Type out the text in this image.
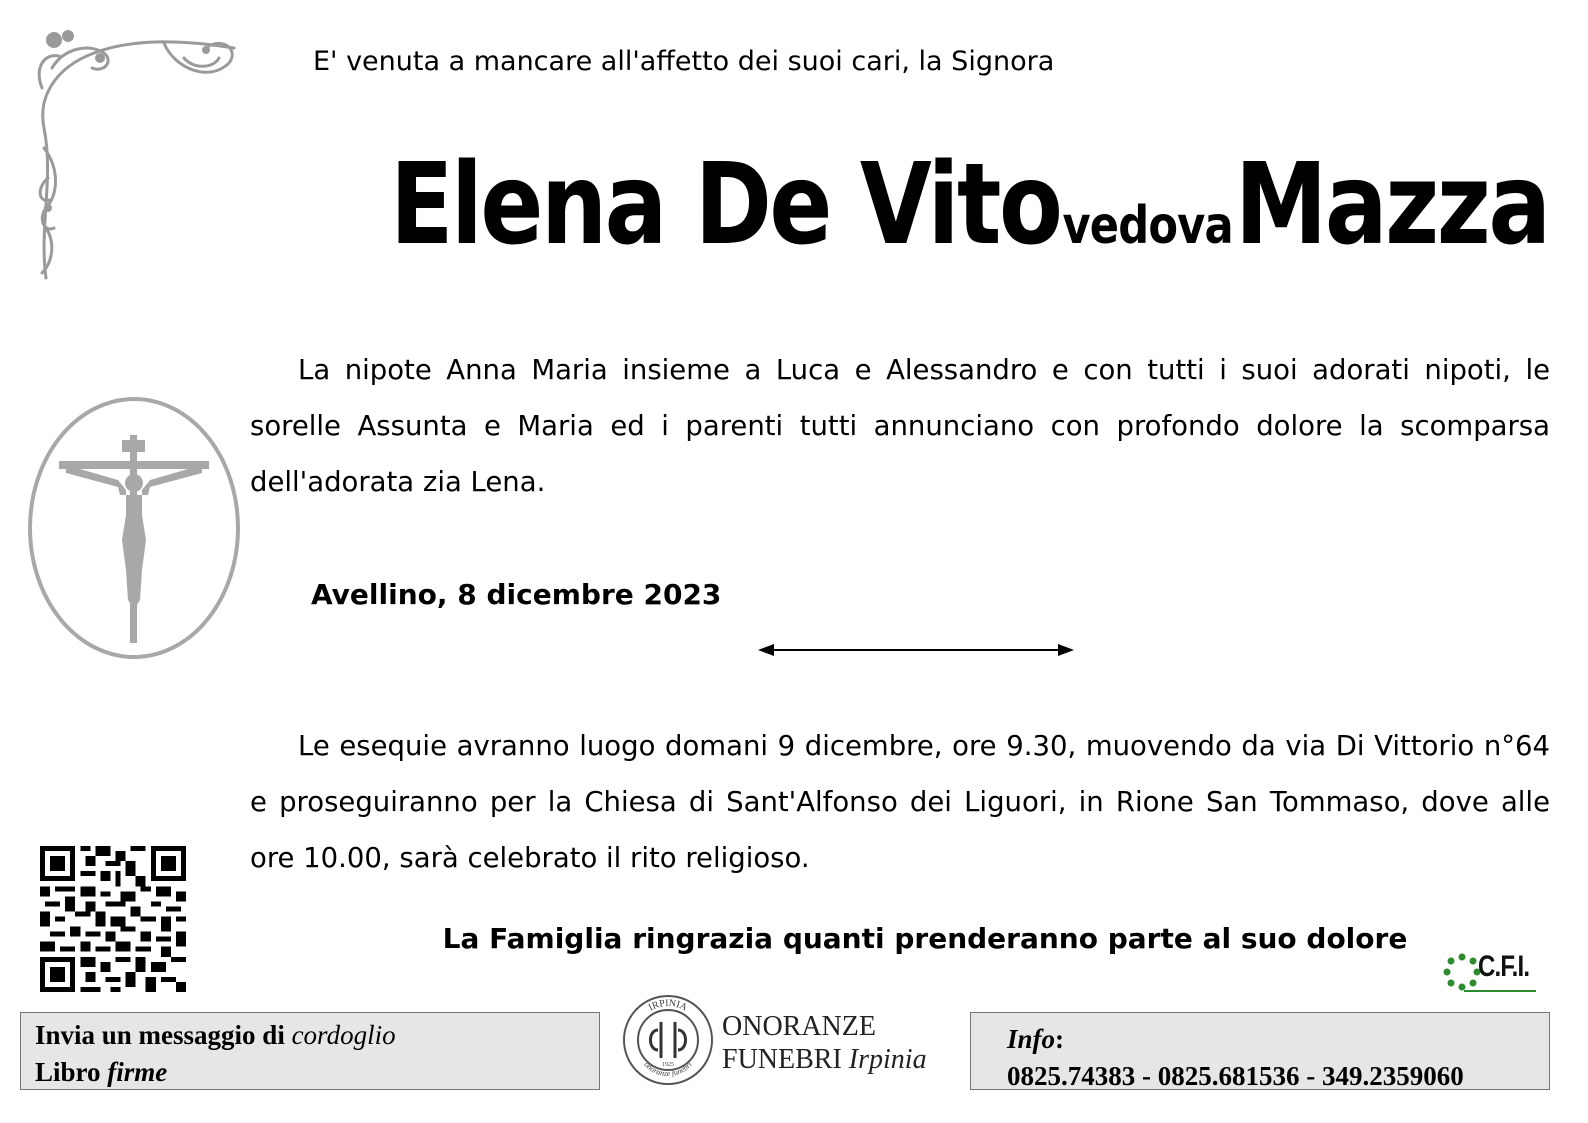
E' venuta a mancare all'affetto dei suoi cari, la Signora
Elena De Vito vedova Mazza
La nipote Anna Maria insieme a Luca e Alessandro e con tutti i suoi adorati nipoti, le sorelle Assunta e Maria ed i parenti tutti annunciano con profondo dolore la scomparsa dell'adorata zia Lena.
Avellino, 8 dicembre 2023
Le esequie avranno luogo domani 9 dicembre, ore 9.30, muovendo da via Di Vittorio n°64 e proseguiranno per la Chiesa di Sant'Alfonso dei Liguori, in Rione San Tommaso, dove alle ore 10.00, sarà celebrato il rito religioso.
La Famiglia ringrazia quanti prenderanno parte al suo dolore
C.F.I.
Invia un messaggio di cordoglio
Libro firme
IRPINIA
onoranze funebri
1925
ONORANZE
FUNEBRI Irpinia
Info:
0825.74383 - 0825.681536 - 349.2359060
